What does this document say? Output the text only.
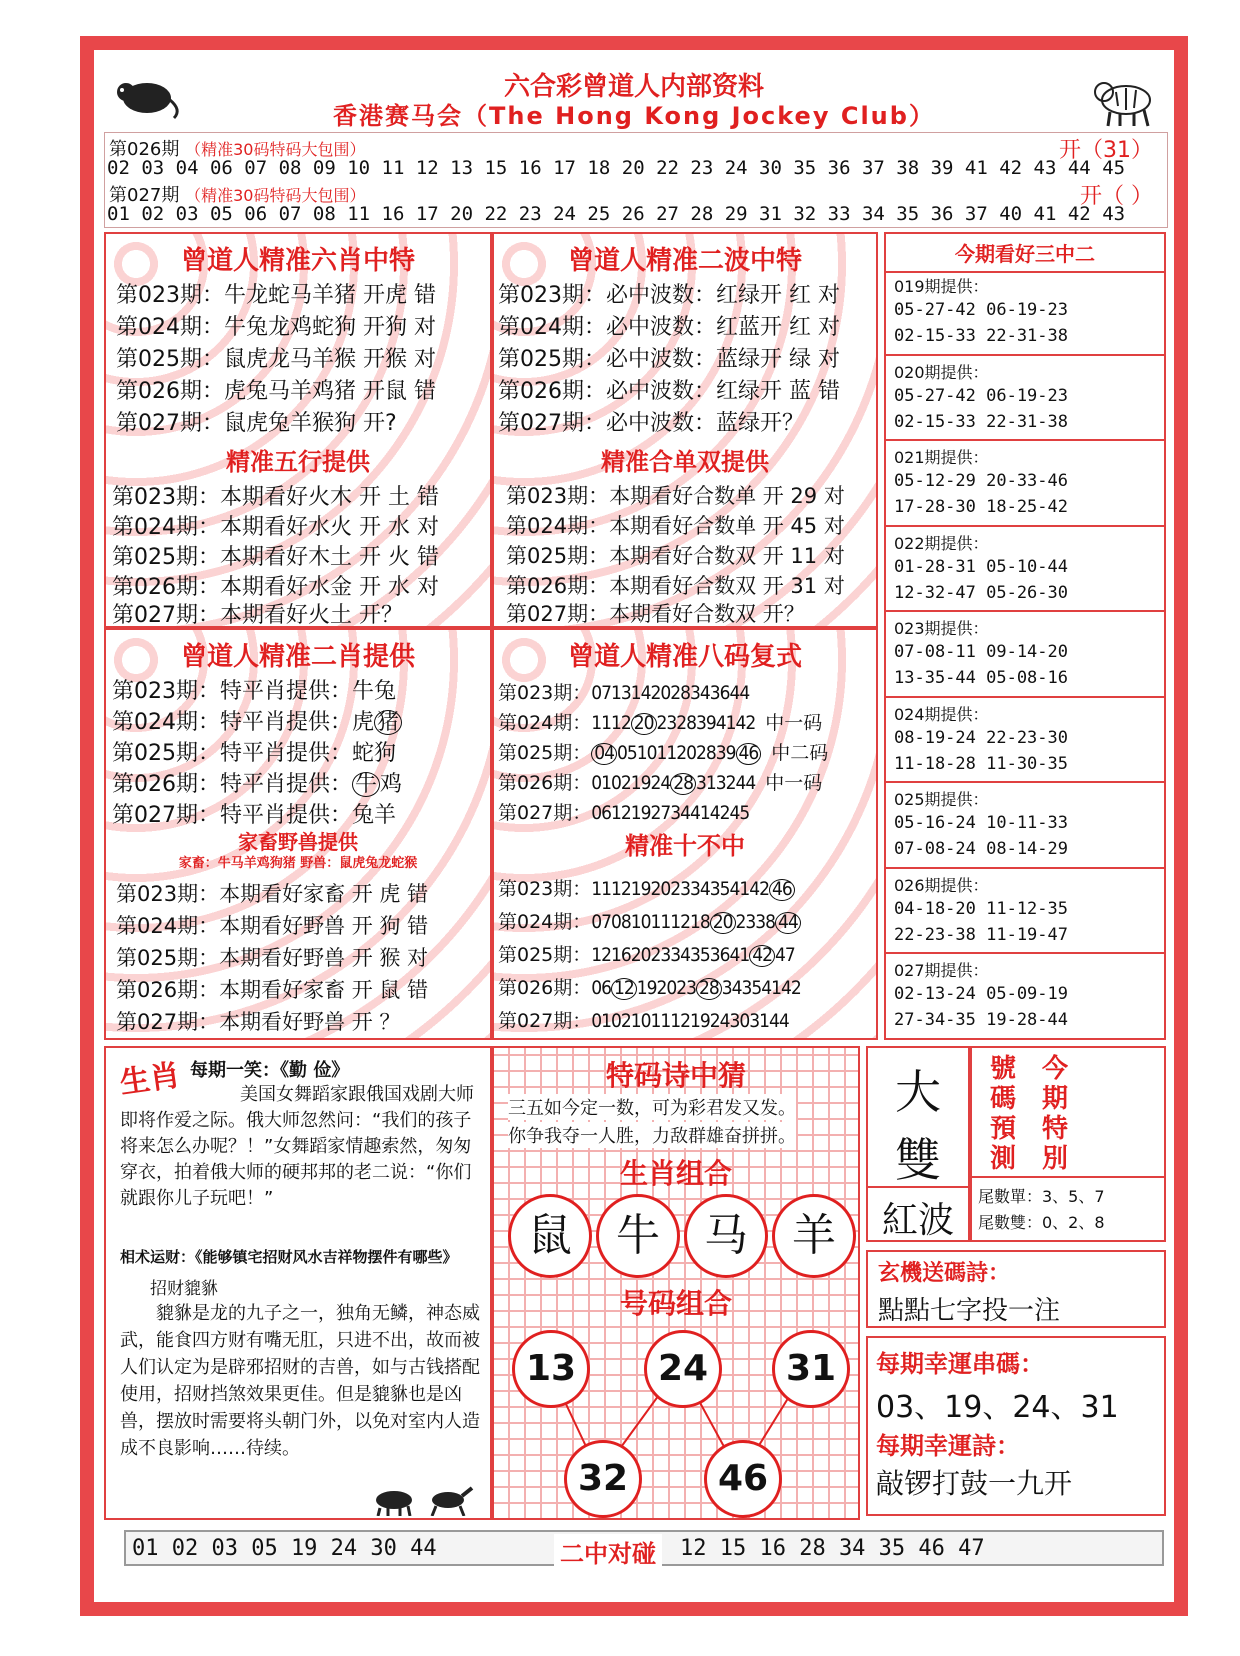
六合彩曾道人内部资料
香港赛马会（The Hong Kong Jockey Club）
第026期 （精准30码特码大包围）	开（31）
02 03 04 06 07 08 09 10 11 12 13 15 16 17 18 20 22 23 24 30 35 36 37 38 39 41 42 43 44 45
第027期 （精准30码特码大包围）	开（ ）
01 02 03 05 06 07 08 11 16 17 20 22 23 24 25 26 27 28 29 31 32 33 34 35 36 37 40 41 42 43
曾道人精准六肖中特
第023期：牛龙蛇马羊猪 开虎 错
第024期：牛兔龙鸡蛇狗 开狗 对
第025期：鼠虎龙马羊猴 开猴 对
第026期：虎兔马羊鸡猪 开鼠 错
第027期：鼠虎兔羊猴狗 开?
精准五行提供
第023期：本期看好火木 开 土 错
第024期：本期看好水火 开 水 对
第025期：本期看好木土 开 火 错
第026期：本期看好水金 开 水 对
第027期：本期看好火土 开？
曾道人精准二波中特
第023期：必中波数：红绿开 红 对
第024期：必中波数：红蓝开 红 对
第025期：必中波数：蓝绿开 绿 对
第026期：必中波数：红绿开 蓝 错
第027期：必中波数：蓝绿开？
精准合单双提供
第023期：本期看好合数单 开 29 对
第024期：本期看好合数单 开 45 对
第025期：本期看好合数双 开 11 对
第026期：本期看好合数双 开 31 对
第027期：本期看好合数双 开？
曾道人精准二肖提供
第023期：特平肖提供：牛兔
第024期：特平肖提供：虎 猪
第025期：特平肖提供：蛇狗
第026期：特平肖提供： 牛 鸡
第027期：特平肖提供：兔羊
家畜野兽提供
家畜：牛马羊鸡狗猪 野兽：鼠虎兔龙蛇猴
第023期：本期看好家畜 开 虎 错
第024期：本期看好野兽 开 狗 错
第025期：本期看好野兽 开 猴 对
第026期：本期看好家畜 开 鼠 错
第027期：本期看好野兽 开 ？
曾道人精准八码复式
第023期：0713142028343644
第024期：1112 20 2328394142 中一码
第025期： 04 051011202839 46 中二码
第026期：01021924 28 313244 中一码
第027期：0612192734414245
精准十不中
第023期：111219202334354142 46
第024期：070810111218 20 2338 44
第025期：1216202334353641 42 47
第026期：06 12 192023 28 34354142
第027期：01021011121924303144
今期看好三中二
019期提供：
05-27-42 06-19-23
02-15-33 22-31-38
020期提供：
05-27-42 06-19-23
02-15-33 22-31-38
021期提供：
05-12-29 20-33-46
17-28-30 18-25-42
022期提供：
01-28-31 05-10-44
12-32-47 05-26-30
023期提供：
07-08-11 09-14-20
13-35-44 05-08-16
024期提供：
08-19-24 22-23-30
11-18-28 11-30-35
025期提供：
05-16-24 10-11-33
07-08-24 08-14-29
026期提供：
04-18-20 11-12-35
22-23-38 11-19-47
027期提供：
02-13-24 05-09-19
27-34-35 19-28-44
生肖 每期一笑：《勤 俭》
美国女舞蹈家跟俄国戏剧大师即将作爱之际。俄大师忽然问：“我们的孩子将来怎么办呢？！”女舞蹈家情趣索然，匆匆穿衣，拍着俄大师的硬邦邦的老二说：“你们就跟你儿子玩吧！”
相术运财：《能够镇宅招财风水吉祥物摆件有哪些》
招财貔貅
貔貅是龙的九子之一，独角无鳞，神态威武，能食四方财有嘴无肛，只进不出，故而被人们认定为是辟邪招财的吉兽，如与古钱搭配使用，招财挡煞效果更佳。但是貔貅也是凶兽，摆放时需要将头朝门外，以免对室内人造成不良影响……待续。
特码诗中猜
三五如今定一数，可为彩君发又发。
你争我夺一人胜，力敌群雄奋拼拼。
生肖组合
鼠	牛	马	羊
号码组合
13	24	31
32	46
大
雙
紅波
號碼預測
今期特別
尾數單：3、5、7
尾數雙：0、2、8
玄機送碼詩：
點點七字投一注
每期幸運串碼：
03、19、24、31
每期幸運詩：
敲锣打鼓一九开
01 02 03 05 19 24 30 44	二中对碰 12 15 16 28 34 35 46 47
